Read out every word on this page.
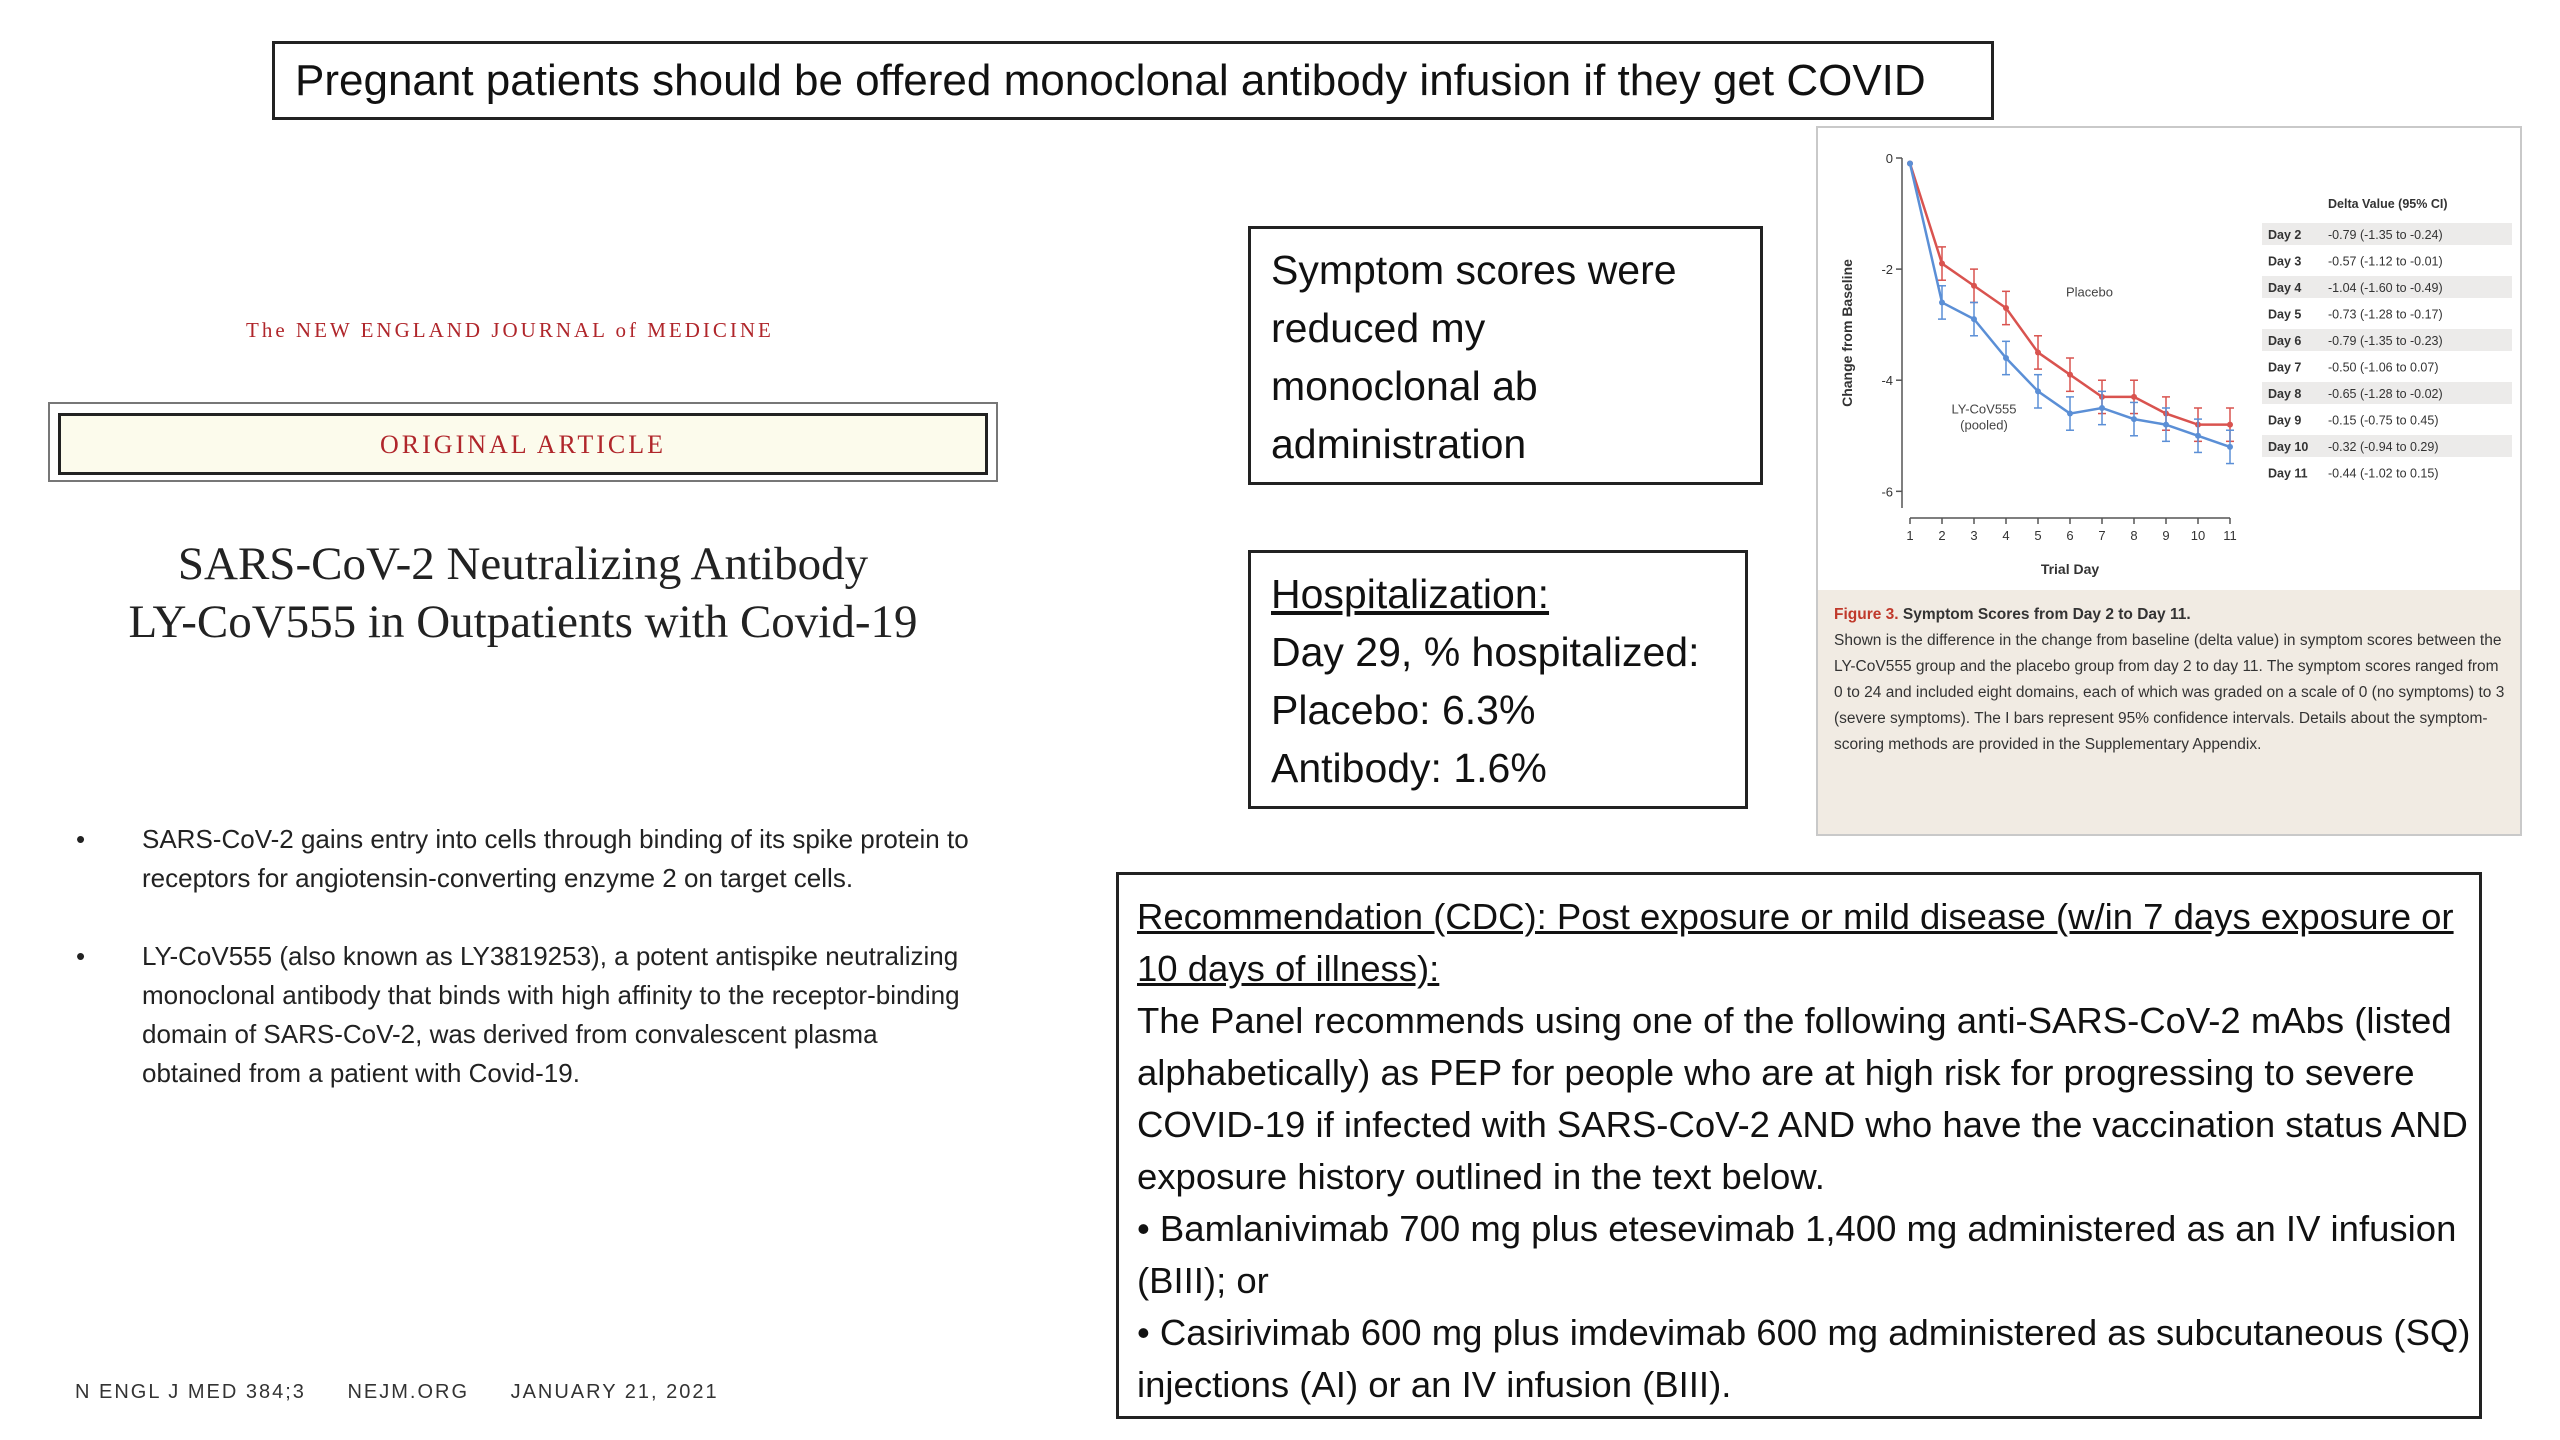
Pregnant patients should be offered monoclonal antibody infusion if they get COVID
The NEW ENGLAND JOURNAL of MEDICINE
ORIGINAL ARTICLE
SARS-CoV-2 Neutralizing Antibody
LY-CoV555 in Outpatients with Covid-19
• SARS-CoV-2 gains entry into cells through binding of its spike protein to receptors for angiotensin-converting enzyme 2 on target cells.
• LY-CoV555 (also known as LY3819253), a potent antispike neutralizing monoclonal antibody that binds with high affinity to the receptor-binding domain of SARS-CoV-2, was derived from convalescent plasma obtained from a patient with Covid-19.
N ENGL J MED 384;3 NEJM.ORG JANUARY 21, 2021
Symptom scores were
reduced my
monoclonal ab
administration
Hospitalization:
Day 29, % hospitalized:
Placebo: 6.3%
Antibody: 1.6%
Recommendation (CDC): Post exposure or mild disease (w/in 7 days exposure or 10 days of illness):
The Panel recommends using one of the following anti-SARS-CoV-2 mAbs (listed alphabetically) as PEP for people who are at high risk for progressing to severe COVID-19 if infected with SARS-CoV-2 AND who have the vaccination status AND exposure history outlined in the text below.
• Bamlanivimab 700 mg plus etesevimab 1,400 mg administered as an IV infusion (BIII); or
• Casirivimab 600 mg plus imdevimab 600 mg administered as subcutaneous (SQ) injections (AI) or an IV infusion (BIII).
0
-2
-4
-6
1 2 3 4 5 6 7 8 9 10 11
Trial Day
Change from Baseline	Placebo
LY-CoV555 (pooled)
Delta Value (95% CI)
Day 2 -0.79 (-1.35 to -0.24)
Day 3 -0.57 (-1.12 to -0.01)
Day 4 -1.04 (-1.60 to -0.49)
Day 5 -0.73 (-1.28 to -0.17)
Day 6 -0.79 (-1.35 to -0.23)
Day 7 -0.50 (-1.06 to 0.07)
Day 8 -0.65 (-1.28 to -0.02)
Day 9 -0.15 (-0.75 to 0.45)
Day 10 -0.32 (-0.94 to 0.29)
Day 11 -0.44 (-1.02 to 0.15)
Figure 3. Symptom Scores from Day 2 to Day 11.
Shown is the difference in the change from baseline (delta value) in symptom scores between the LY-CoV555 group and the placebo group from day 2 to day 11. The symptom scores ranged from 0 to 24 and included eight domains, each of which was graded on a scale of 0 (no symptoms) to 3 (severe symptoms). The I bars represent 95% confidence intervals. Details about the symptom-scoring methods are provided in the Supplementary Appendix.
